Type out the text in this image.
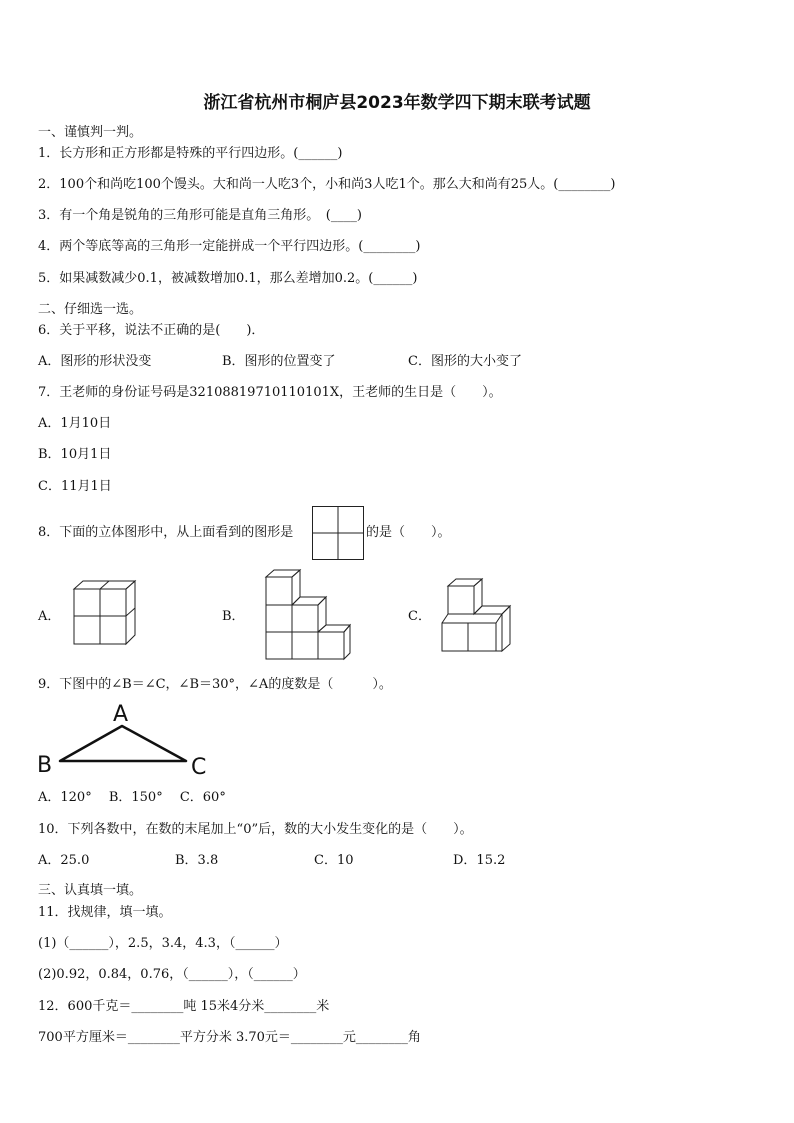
浙江省杭州市桐庐县2023年数学四下期末联考试题
一、谨慎判一判。
1．长方形和正方形都是特殊的平行四边形。(______)
2．100个和尚吃100个馒头。大和尚一人吃3个，小和尚3人吃1个。那么大和尚有25人。(________)
3．有一个角是锐角的三角形可能是直角三角形。　(____)
4．两个等底等高的三角形一定能拼成一个平行四边形。(________)
5．如果减数减少0.1，被减数增加0.1，那么差增加0.2。(______)
二、仔细选一选。
6．关于平移，说法不正确的是(　　)．
A．图形的形状没变	B．图形的位置变了	C．图形的大小变了
7．王老师的身份证号码是32108819710110101X，王老师的生日是（　　）。
A．1月10日
B．10月1日
C．11月1日
8．下面的立体图形中，从上面看到的图形是	的是（　　）。
A．	B．	C．
9．下图中的∠B＝∠C，∠B＝30°，∠A的度数是（　　　）。
A
B	C
A．120°　 B．150°　 C．60°
10．下列各数中，在数的末尾加上“0”后，数的大小发生变化的是（　　）。
A．25.0	B．3.8	C．10	D．15.2
三、认真填一填。
11．找规律，填一填。
(1)（______），2.5，3.4，4.3，（______）
(2)0.92，0.84，0.76，（______），（______）
12．600千克＝________吨 15米4分米________米
700平方厘米＝________平方分米 3.70元＝________元________角
